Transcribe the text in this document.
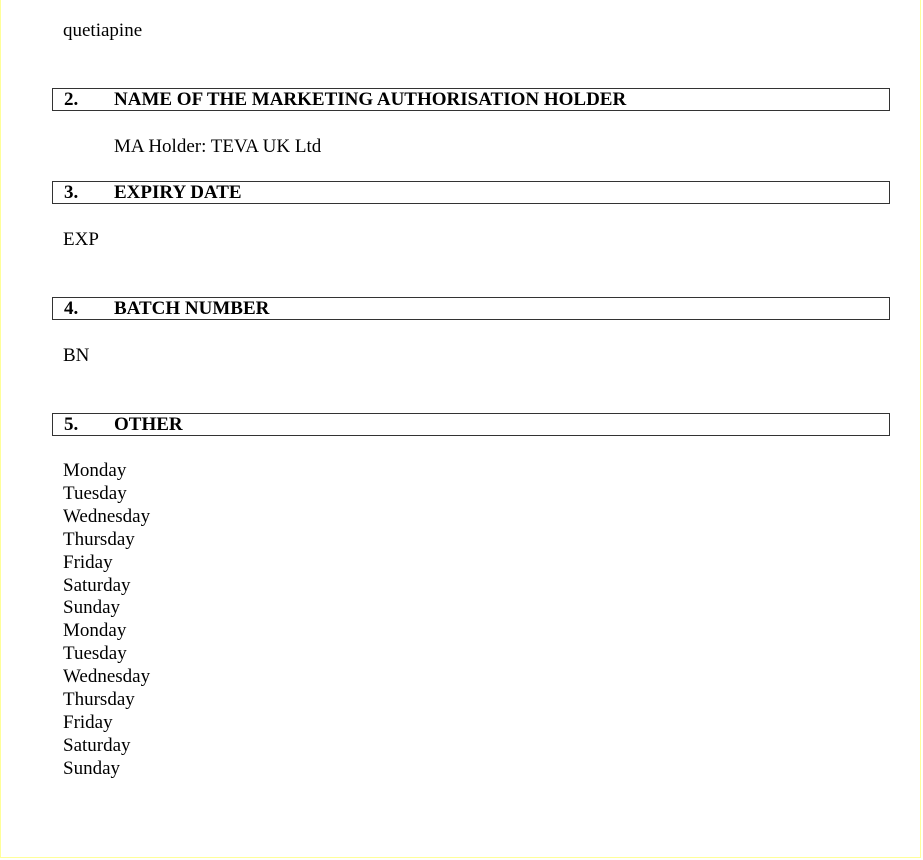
quetiapine
2. NAME OF THE MARKETING AUTHORISATION HOLDER
MA Holder: TEVA UK Ltd
3. EXPIRY DATE
EXP
4. BATCH NUMBER
BN
5. OTHER
Monday
Tuesday
Wednesday
Thursday
Friday
Saturday
Sunday
Monday
Tuesday
Wednesday
Thursday
Friday
Saturday
Sunday
